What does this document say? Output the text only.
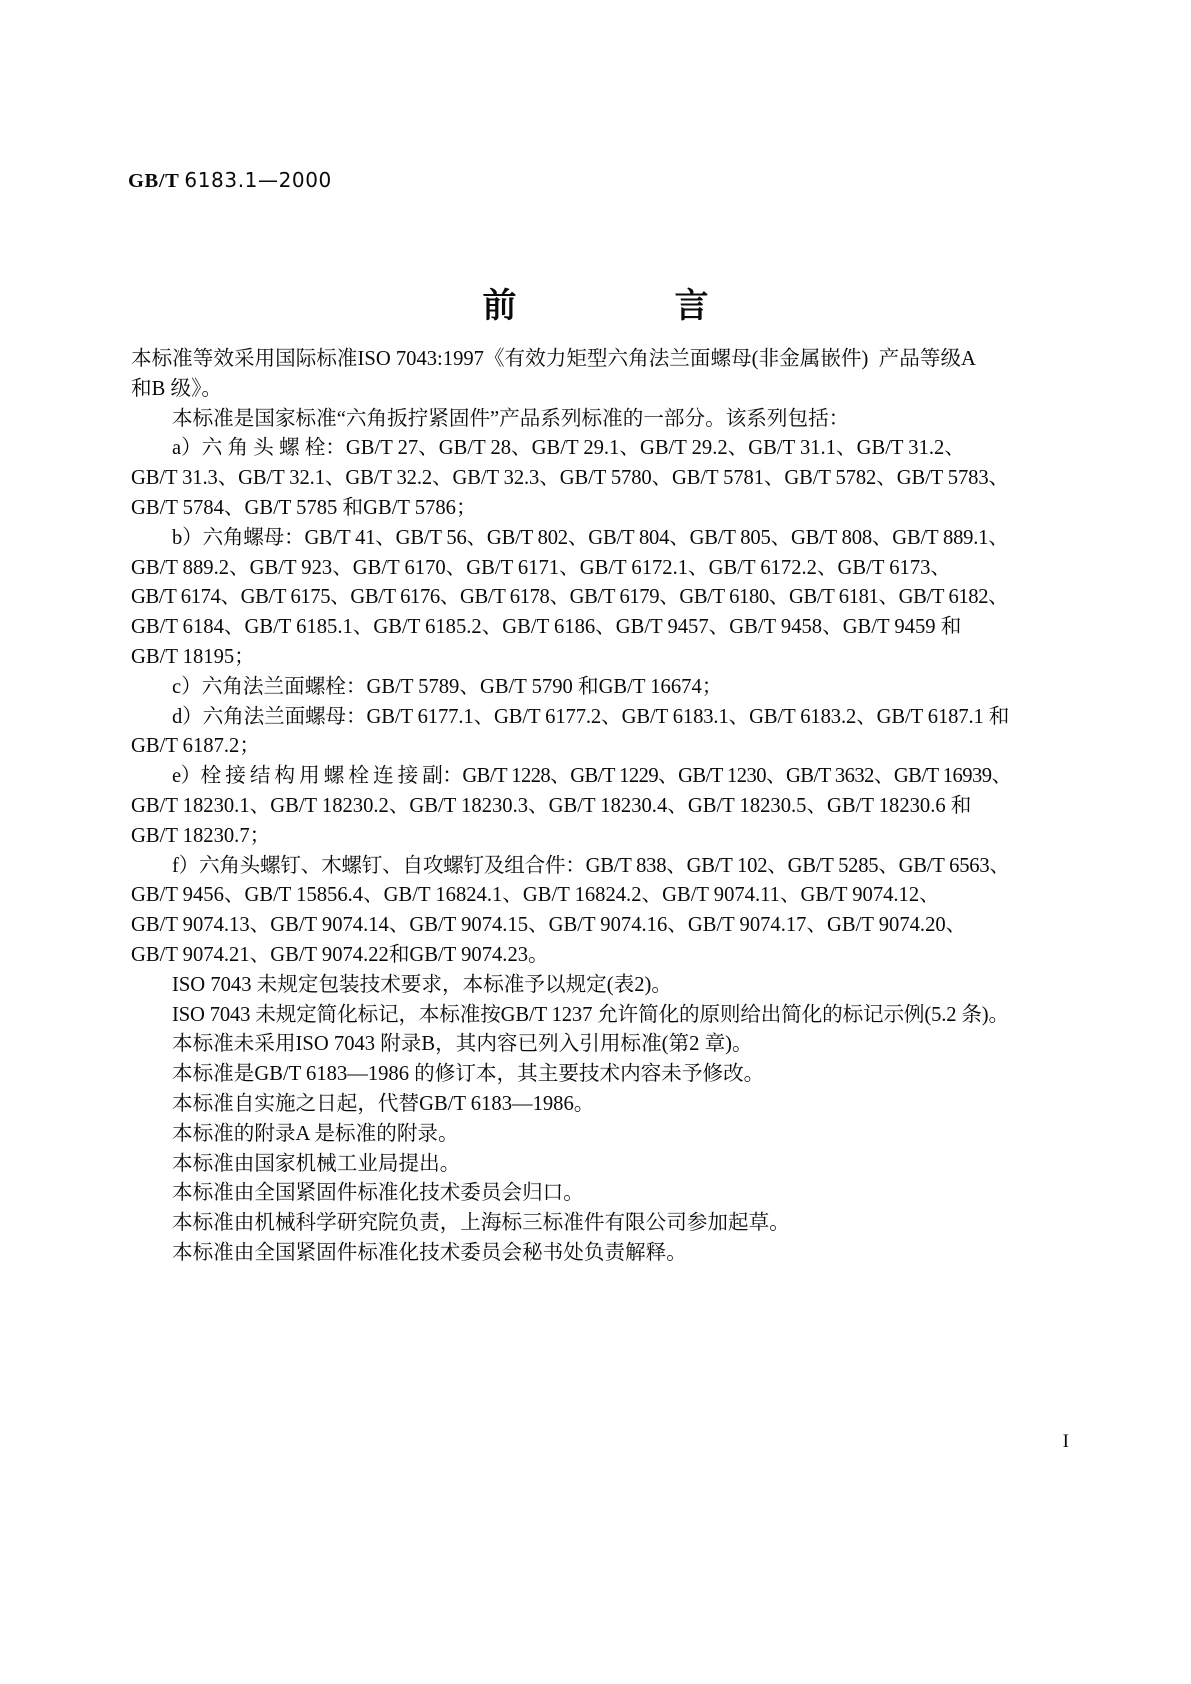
GB/T 6183.1—2000
前　　言
本标准等效采用国际标准ISO 7043:1997《有效力矩型六角法兰面螺母(非金属嵌件)  产品等级A
和B 级》。
本标准是国家标准“六角扳拧紧固件”产品系列标准的一部分。该系列包括：
a）六 角 头 螺 栓：GB/T 27、GB/T 28、GB/T 29.1、GB/T 29.2、GB/T 31.1、GB/T 31.2、
GB/T 31.3、GB/T 32.1、GB/T 32.2、GB/T 32.3、GB/T 5780、GB/T 5781、GB/T 5782、GB/T 5783、
GB/T 5784、GB/T 5785 和GB/T 5786；
b）六角螺母：GB/T 41、GB/T 56、GB/T 802、GB/T 804、GB/T 805、GB/T 808、GB/T 889.1、
GB/T 889.2、GB/T 923、GB/T 6170、GB/T 6171、GB/T 6172.1、GB/T 6172.2、GB/T 6173、
GB/T 6174、GB/T 6175、GB/T 6176、GB/T 6178、GB/T 6179、GB/T 6180、GB/T 6181、GB/T 6182、
GB/T 6184、GB/T 6185.1、GB/T 6185.2、GB/T 6186、GB/T 9457、GB/T 9458、GB/T 9459 和
GB/T 18195；
c）六角法兰面螺栓：GB/T 5789、GB/T 5790 和GB/T 16674；
d）六角法兰面螺母：GB/T 6177.1、GB/T 6177.2、GB/T 6183.1、GB/T 6183.2、GB/T 6187.1 和
GB/T 6187.2；
e）栓 接 结 构 用 螺 栓 连 接 副：GB/T 1228、GB/T 1229、GB/T 1230、GB/T 3632、GB/T 16939、
GB/T 18230.1、GB/T 18230.2、GB/T 18230.3、GB/T 18230.4、GB/T 18230.5、GB/T 18230.6 和
GB/T 18230.7；
f）六角头螺钉、木螺钉、自攻螺钉及组合件：GB/T 838、GB/T 102、GB/T 5285、GB/T 6563、
GB/T 9456、GB/T 15856.4、GB/T 16824.1、GB/T 16824.2、GB/T 9074.11、GB/T 9074.12、
GB/T 9074.13、GB/T 9074.14、GB/T 9074.15、GB/T 9074.16、GB/T 9074.17、GB/T 9074.20、
GB/T 9074.21、GB/T 9074.22和GB/T 9074.23。
ISO 7043 未规定包装技术要求，本标准予以规定(表2)。
ISO 7043 未规定简化标记，本标准按GB/T 1237 允许简化的原则给出简化的标记示例(5.2 条)。
本标准未采用ISO 7043 附录B，其内容已列入引用标准(第2 章)。
本标准是GB/T 6183—1986 的修订本，其主要技术内容未予修改。
本标准自实施之日起，代替GB/T 6183—1986。
本标准的附录A 是标准的附录。
本标准由国家机械工业局提出。
本标准由全国紧固件标准化技术委员会归口。
本标准由机械科学研究院负责，上海标三标准件有限公司参加起草。
本标准由全国紧固件标准化技术委员会秘书处负责解释。
I
